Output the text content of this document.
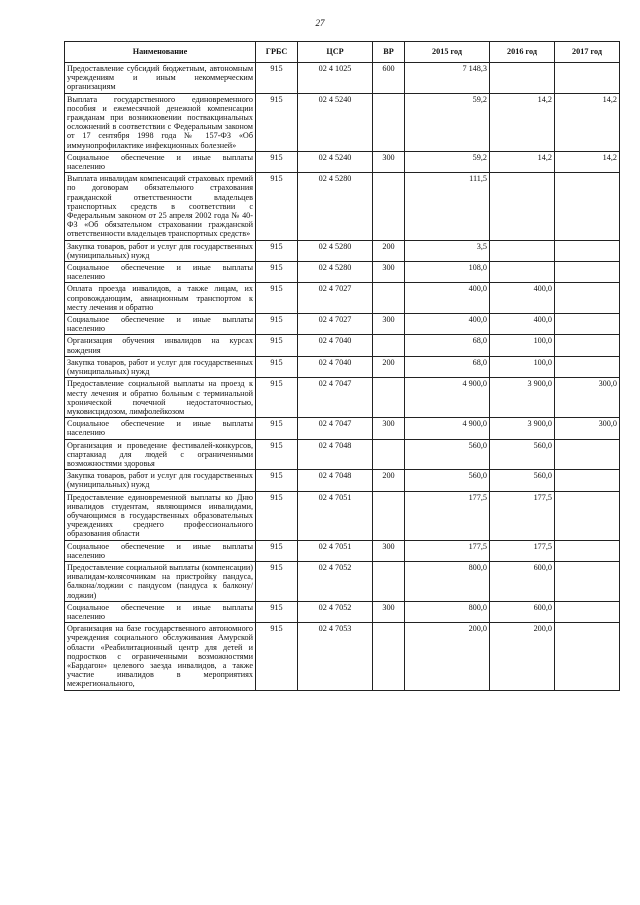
27
Наименование	ГРБС	ЦСР	ВР	2015 год	2016 год	2017 год
Предоставление субсидий бюджетным, автономным учреждениям и иным некоммерческим организациям	915	02 4 1025	600	7 148,3		
Выплата государственного единовременного пособия и ежемесячной денежной компенсации гражданам при возникновении поствакцинальных осложнений в соответствии с Федеральным законом от 17 сентября 1998 года № 157-ФЗ «Об иммунопрофилактике инфекционных болезней»	915	02 4 5240		59,2	14,2	14,2
Социальное обеспечение и иные выплаты населению	915	02 4 5240	300	59,2	14,2	14,2
Выплата инвалидам компенсаций страховых премий по договорам обязательного страхования гражданской ответственности владельцев транспортных средств в соответствии с Федеральным законом от 25 апреля 2002 года № 40-ФЗ «Об обязательном страховании гражданской ответственности владельцев транспортных средств»	915	02 4 5280		111,5		
Закупка товаров, работ и услуг для государственных (муниципальных) нужд	915	02 4 5280	200	3,5		
Социальное обеспечение и иные выплаты населению	915	02 4 5280	300	108,0		
Оплата проезда инвалидов, а также лицам, их сопровождающим, авиационным транспортом к месту лечения и обратно	915	02 4 7027		400,0	400,0	
Социальное обеспечение и иные выплаты населению	915	02 4 7027	300	400,0	400,0	
Организация обучения инвалидов на курсах вождения	915	02 4 7040		68,0	100,0	
Закупка товаров, работ и услуг для государственных (муниципальных) нужд	915	02 4 7040	200	68,0	100,0	
Предоставление социальной выплаты на проезд к месту лечения и обратно больным с терминальной хронической почечной недостаточностью, муковисцидозом, лимфолейкозом	915	02 4 7047		4 900,0	3 900,0	300,0
Социальное обеспечение и иные выплаты населению	915	02 4 7047	300	4 900,0	3 900,0	300,0
Организация и проведение фестивалей-конкурсов, спартакиад для людей с ограниченными возможностями здоровья	915	02 4 7048		560,0	560,0	
Закупка товаров, работ и услуг для государственных (муниципальных) нужд	915	02 4 7048	200	560,0	560,0	
Предоставление единовременной выплаты ко Дню инвалидов студентам, являющимся инвалидами, обучающимся в государственных образовательных учреждениях среднего профессионального образования области	915	02 4 7051		177,5	177,5	
Социальное обеспечение и иные выплаты населению	915	02 4 7051	300	177,5	177,5	
Предоставление социальной выплаты (компенсации) инвалидам-колясочникам на пристройку пандуса, балкона/лоджии с пандусом (пандуса к балкону/лоджии)	915	02 4 7052		800,0	600,0	
Социальное обеспечение и иные выплаты населению	915	02 4 7052	300	800,0	600,0	
Организация на базе государственного автономного учреждения социального обслуживания Амурской области «Реабилитационный центр для детей и подростков с ограниченными возможностями «Бардагон» целевого заезда инвалидов, а также участие инвалидов в мероприятиях межрегионального,	915	02 4 7053		200,0	200,0	
